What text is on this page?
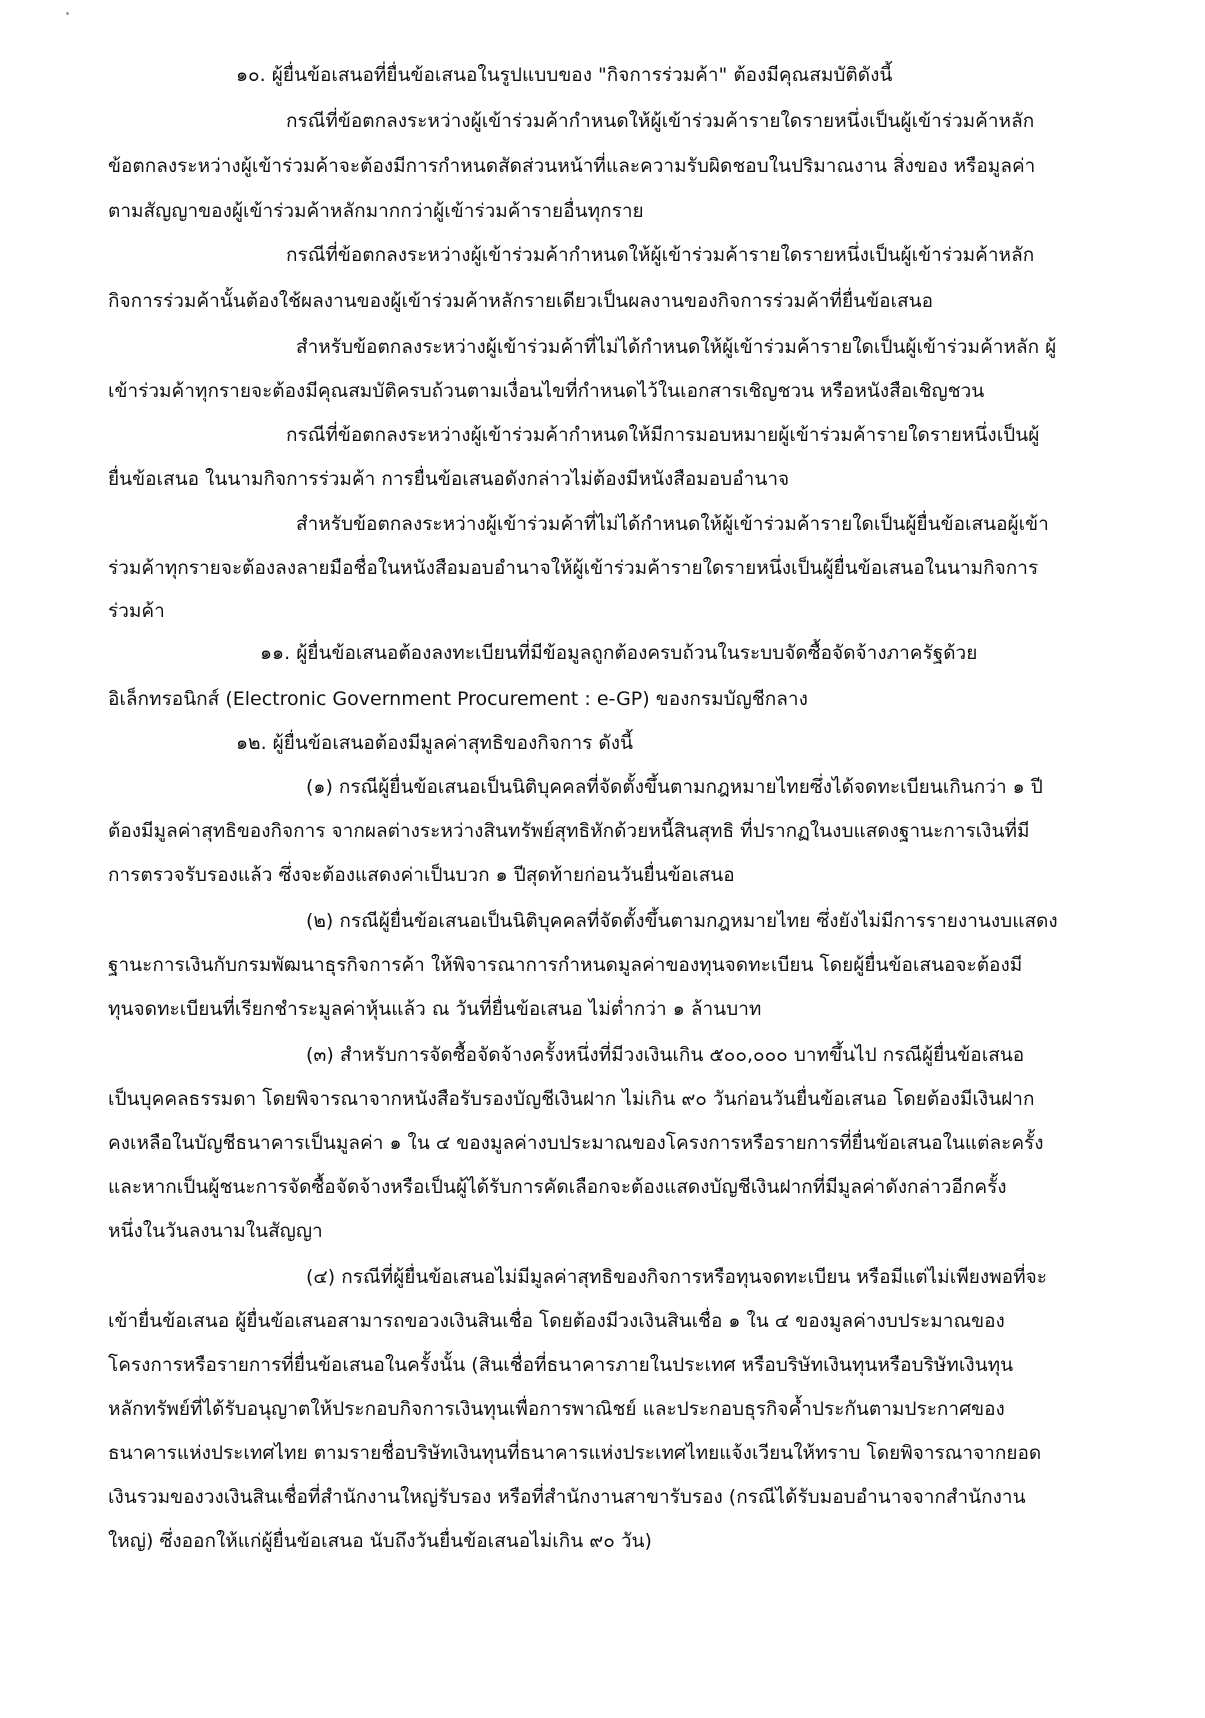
๑๐. ผู้ยื่นข้อเสนอที่ยื่นข้อเสนอในรูปแบบของ "กิจการร่วมค้า" ต้องมีคุณสมบัติดังนี้
กรณีที่ข้อตกลงระหว่างผู้เข้าร่วมค้ากำหนดให้ผู้เข้าร่วมค้ารายใดรายหนึ่งเป็นผู้เข้าร่วมค้าหลัก
ข้อตกลงระหว่างผู้เข้าร่วมค้าจะต้องมีการกำหนดสัดส่วนหน้าที่และความรับผิดชอบในปริมาณงาน สิ่งของ หรือมูลค่า
ตามสัญญาของผู้เข้าร่วมค้าหลักมากกว่าผู้เข้าร่วมค้ารายอื่นทุกราย
กรณีที่ข้อตกลงระหว่างผู้เข้าร่วมค้ากำหนดให้ผู้เข้าร่วมค้ารายใดรายหนึ่งเป็นผู้เข้าร่วมค้าหลัก
กิจการร่วมค้านั้นต้องใช้ผลงานของผู้เข้าร่วมค้าหลักรายเดียวเป็นผลงานของกิจการร่วมค้าที่ยื่นข้อเสนอ
สำหรับข้อตกลงระหว่างผู้เข้าร่วมค้าที่ไม่ได้กำหนดให้ผู้เข้าร่วมค้ารายใดเป็นผู้เข้าร่วมค้าหลัก ผู้
เข้าร่วมค้าทุกรายจะต้องมีคุณสมบัติครบถ้วนตามเงื่อนไขที่กำหนดไว้ในเอกสารเชิญชวน หรือหนังสือเชิญชวน
กรณีที่ข้อตกลงระหว่างผู้เข้าร่วมค้ากำหนดให้มีการมอบหมายผู้เข้าร่วมค้ารายใดรายหนึ่งเป็นผู้
ยื่นข้อเสนอ ในนามกิจการร่วมค้า การยื่นข้อเสนอดังกล่าวไม่ต้องมีหนังสือมอบอำนาจ
สำหรับข้อตกลงระหว่างผู้เข้าร่วมค้าที่ไม่ได้กำหนดให้ผู้เข้าร่วมค้ารายใดเป็นผู้ยื่นข้อเสนอผู้เข้า
ร่วมค้าทุกรายจะต้องลงลายมือชื่อในหนังสือมอบอำนาจให้ผู้เข้าร่วมค้ารายใดรายหนึ่งเป็นผู้ยื่นข้อเสนอในนามกิจการ
ร่วมค้า
๑๑. ผู้ยื่นข้อเสนอต้องลงทะเบียนที่มีข้อมูลถูกต้องครบถ้วนในระบบจัดซื้อจัดจ้างภาครัฐด้วย
อิเล็กทรอนิกส์ (Electronic Government Procurement : e-GP) ของกรมบัญชีกลาง
๑๒. ผู้ยื่นข้อเสนอต้องมีมูลค่าสุทธิของกิจการ ดังนี้
(๑) กรณีผู้ยื่นข้อเสนอเป็นนิติบุคคลที่จัดตั้งขึ้นตามกฎหมายไทยซึ่งได้จดทะเบียนเกินกว่า ๑ ปี
ต้องมีมูลค่าสุทธิของกิจการ จากผลต่างระหว่างสินทรัพย์สุทธิหักด้วยหนี้สินสุทธิ ที่ปรากฏในงบแสดงฐานะการเงินที่มี
การตรวจรับรองแล้ว ซึ่งจะต้องแสดงค่าเป็นบวก ๑ ปีสุดท้ายก่อนวันยื่นข้อเสนอ
(๒) กรณีผู้ยื่นข้อเสนอเป็นนิติบุคคลที่จัดตั้งขึ้นตามกฎหมายไทย ซึ่งยังไม่มีการรายงานงบแสดง
ฐานะการเงินกับกรมพัฒนาธุรกิจการค้า ให้พิจารณาการกำหนดมูลค่าของทุนจดทะเบียน โดยผู้ยื่นข้อเสนอจะต้องมี
ทุนจดทะเบียนที่เรียกชำระมูลค่าหุ้นแล้ว ณ วันที่ยื่นข้อเสนอ ไม่ต่ำกว่า ๑ ล้านบาท
(๓) สำหรับการจัดซื้อจัดจ้างครั้งหนึ่งที่มีวงเงินเกิน ๕๐๐,๐๐๐ บาทขึ้นไป กรณีผู้ยื่นข้อเสนอ
เป็นบุคคลธรรมดา โดยพิจารณาจากหนังสือรับรองบัญชีเงินฝาก ไม่เกิน ๙๐ วันก่อนวันยื่นข้อเสนอ โดยต้องมีเงินฝาก
คงเหลือในบัญชีธนาคารเป็นมูลค่า ๑ ใน ๔ ของมูลค่างบประมาณของโครงการหรือรายการที่ยื่นข้อเสนอในแต่ละครั้ง
และหากเป็นผู้ชนะการจัดซื้อจัดจ้างหรือเป็นผู้ได้รับการคัดเลือกจะต้องแสดงบัญชีเงินฝากที่มีมูลค่าดังกล่าวอีกครั้ง
หนึ่งในวันลงนามในสัญญา
(๔) กรณีที่ผู้ยื่นข้อเสนอไม่มีมูลค่าสุทธิของกิจการหรือทุนจดทะเบียน หรือมีแต่ไม่เพียงพอที่จะ
เข้ายื่นข้อเสนอ ผู้ยื่นข้อเสนอสามารถขอวงเงินสินเชื่อ โดยต้องมีวงเงินสินเชื่อ ๑ ใน ๔ ของมูลค่างบประมาณของ
โครงการหรือรายการที่ยื่นข้อเสนอในครั้งนั้น (สินเชื่อที่ธนาคารภายในประเทศ หรือบริษัทเงินทุนหรือบริษัทเงินทุน
หลักทรัพย์ที่ได้รับอนุญาตให้ประกอบกิจการเงินทุนเพื่อการพาณิชย์ และประกอบธุรกิจค้ำประกันตามประกาศของ
ธนาคารแห่งประเทศไทย ตามรายชื่อบริษัทเงินทุนที่ธนาคารแห่งประเทศไทยแจ้งเวียนให้ทราบ โดยพิจารณาจากยอด
เงินรวมของวงเงินสินเชื่อที่สำนักงานใหญ่รับรอง หรือที่สำนักงานสาขารับรอง (กรณีได้รับมอบอำนาจจากสำนักงาน
ใหญ่) ซึ่งออกให้แก่ผู้ยื่นข้อเสนอ นับถึงวันยื่นข้อเสนอไม่เกิน ๙๐ วัน)
